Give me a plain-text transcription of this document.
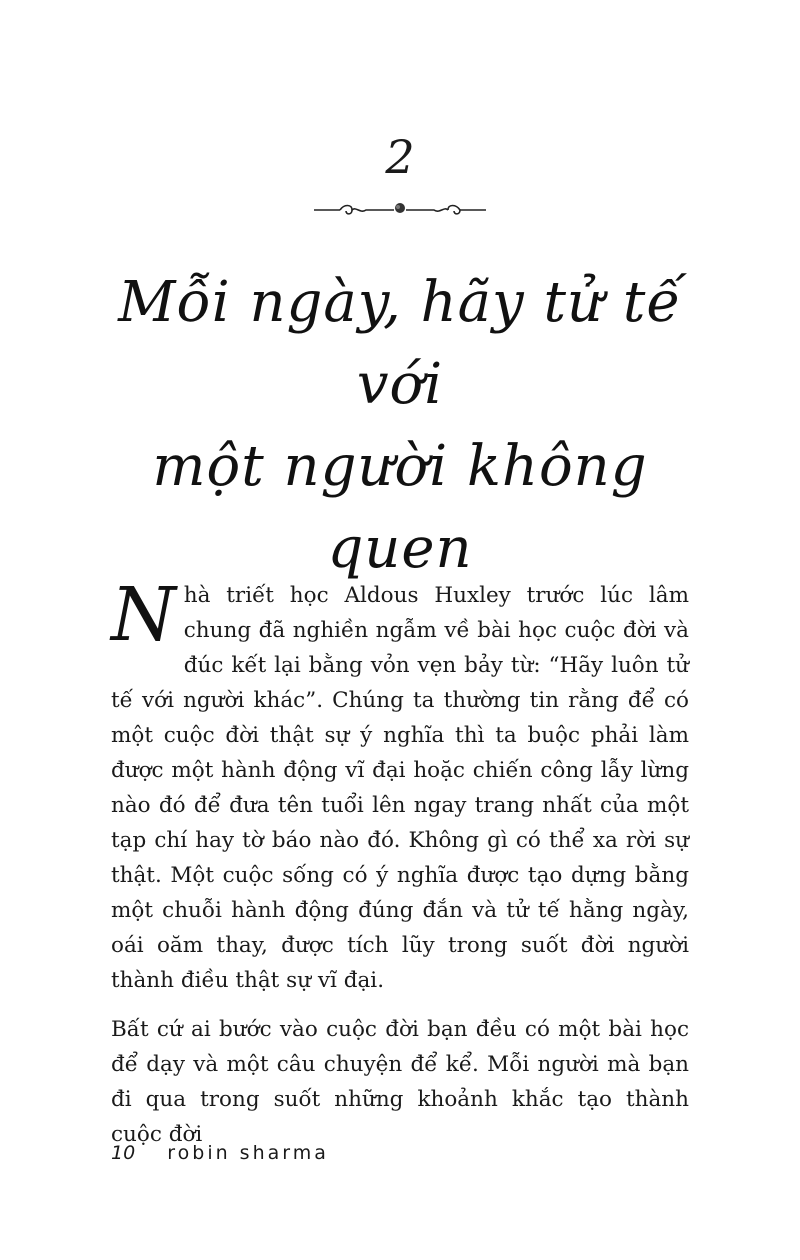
2
Mỗi ngày, hãy tử tế với
một người không quen

N hà triết học Aldous Huxley trước lúc lâm chung đã nghiền ngẫm về bài học cuộc đời và đúc kết lại bằng vỏn vẹn bảy từ: “Hãy luôn tử tế với người khác”. Chúng ta thường tin rằng để có một cuộc đời thật sự ý nghĩa thì ta buộc phải làm được một hành động vĩ đại hoặc chiến công lẫy lừng nào đó để đưa tên tuổi lên ngay trang nhất của một tạp chí hay tờ báo nào đó. Không gì có thể xa rời sự thật. Một cuộc sống có ý nghĩa được tạo dựng bằng một chuỗi hành động đúng đắn và tử tế hằng ngày, oái oăm thay, được tích lũy trong suốt đời người thành điều thật sự vĩ đại.

Bất cứ ai bước vào cuộc đời bạn đều có một bài học để dạy và một câu chuyện để kể. Mỗi người mà bạn đi qua trong suốt những khoảnh khắc tạo thành cuộc đời

10 robin sharma
